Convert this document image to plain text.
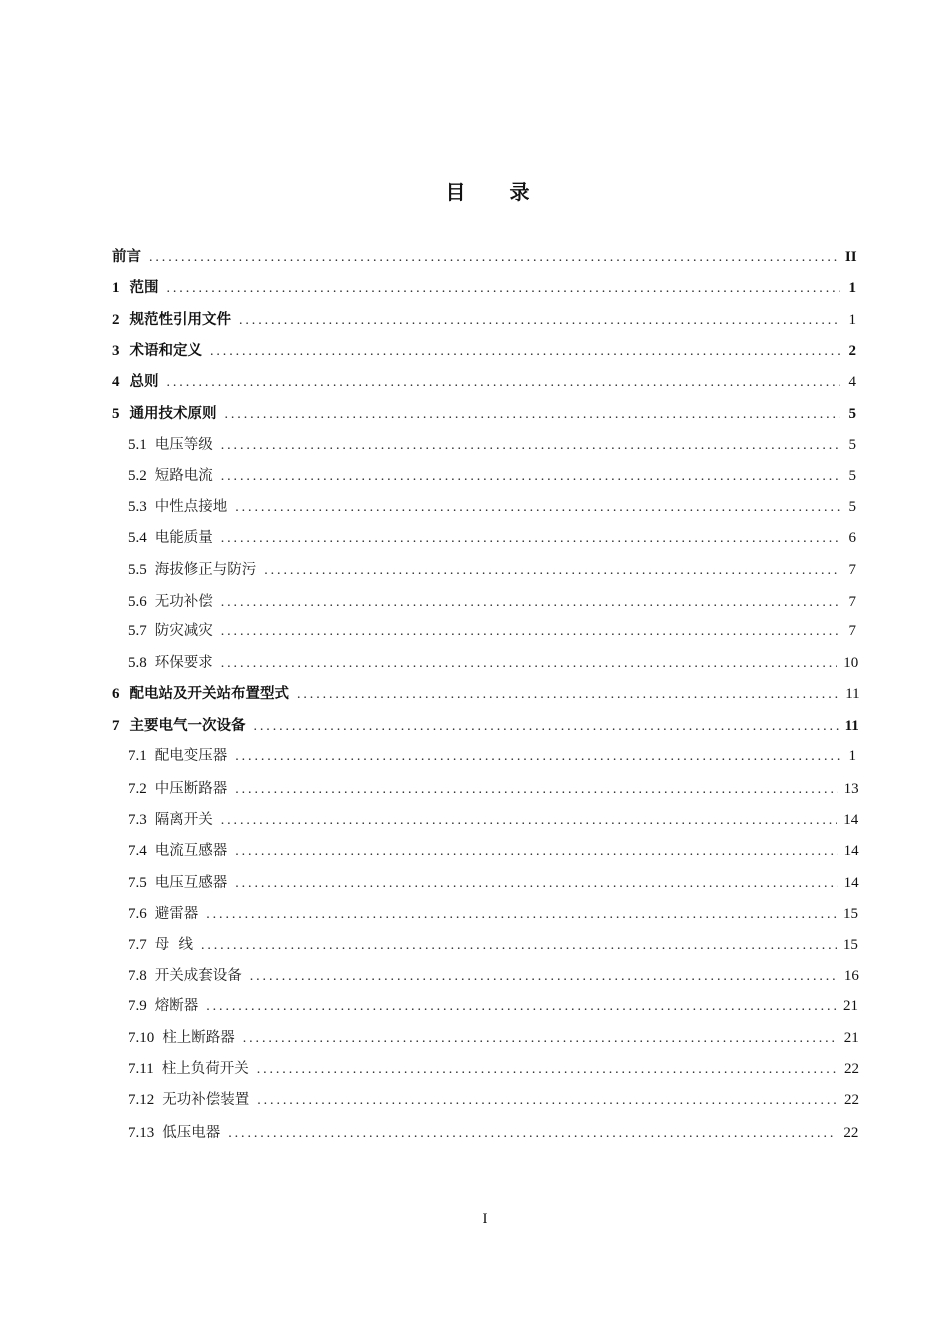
目 录
前言 . . .	II
1 范围 . . .	1
2 规范性引用文件 . . .	1
3 术语和定义 . . .	2
4 总则 . . .	4
5 通用技术原则 . . .	5
5.1 电压等级 . . .	5
5.2 短路电流 . . .	5
5.3 中性点接地 . . .	5
5.4 电能质量 . . .	6
5.5 海拔修正与防污 . . .	7
5.6 无功补偿 . . .	7
5.7 防灾减灾 . . .	7
5.8 环保要求 . . .	10
6 配电站及开关站布置型式 . . .	11
7 主要电气一次设备 . . .	11
7.1 配电变压器 . . .	1
7.2 中压断路器 . . .	13
7.3 隔离开关 . . .	14
7.4 电流互感器 . . .	14
7.5 电压互感器 . . .	14
7.6 避雷器 . . .	15
7.7 母  线 . . .	15
7.8 开关成套设备 . . .	16
7.9 熔断器 . . .	21
7.10 柱上断路器 . . .	21
7.11 柱上负荷开关 . . .	22
7.12 无功补偿装置 . . .	22
7.13 低压电器 . . .	22
I
